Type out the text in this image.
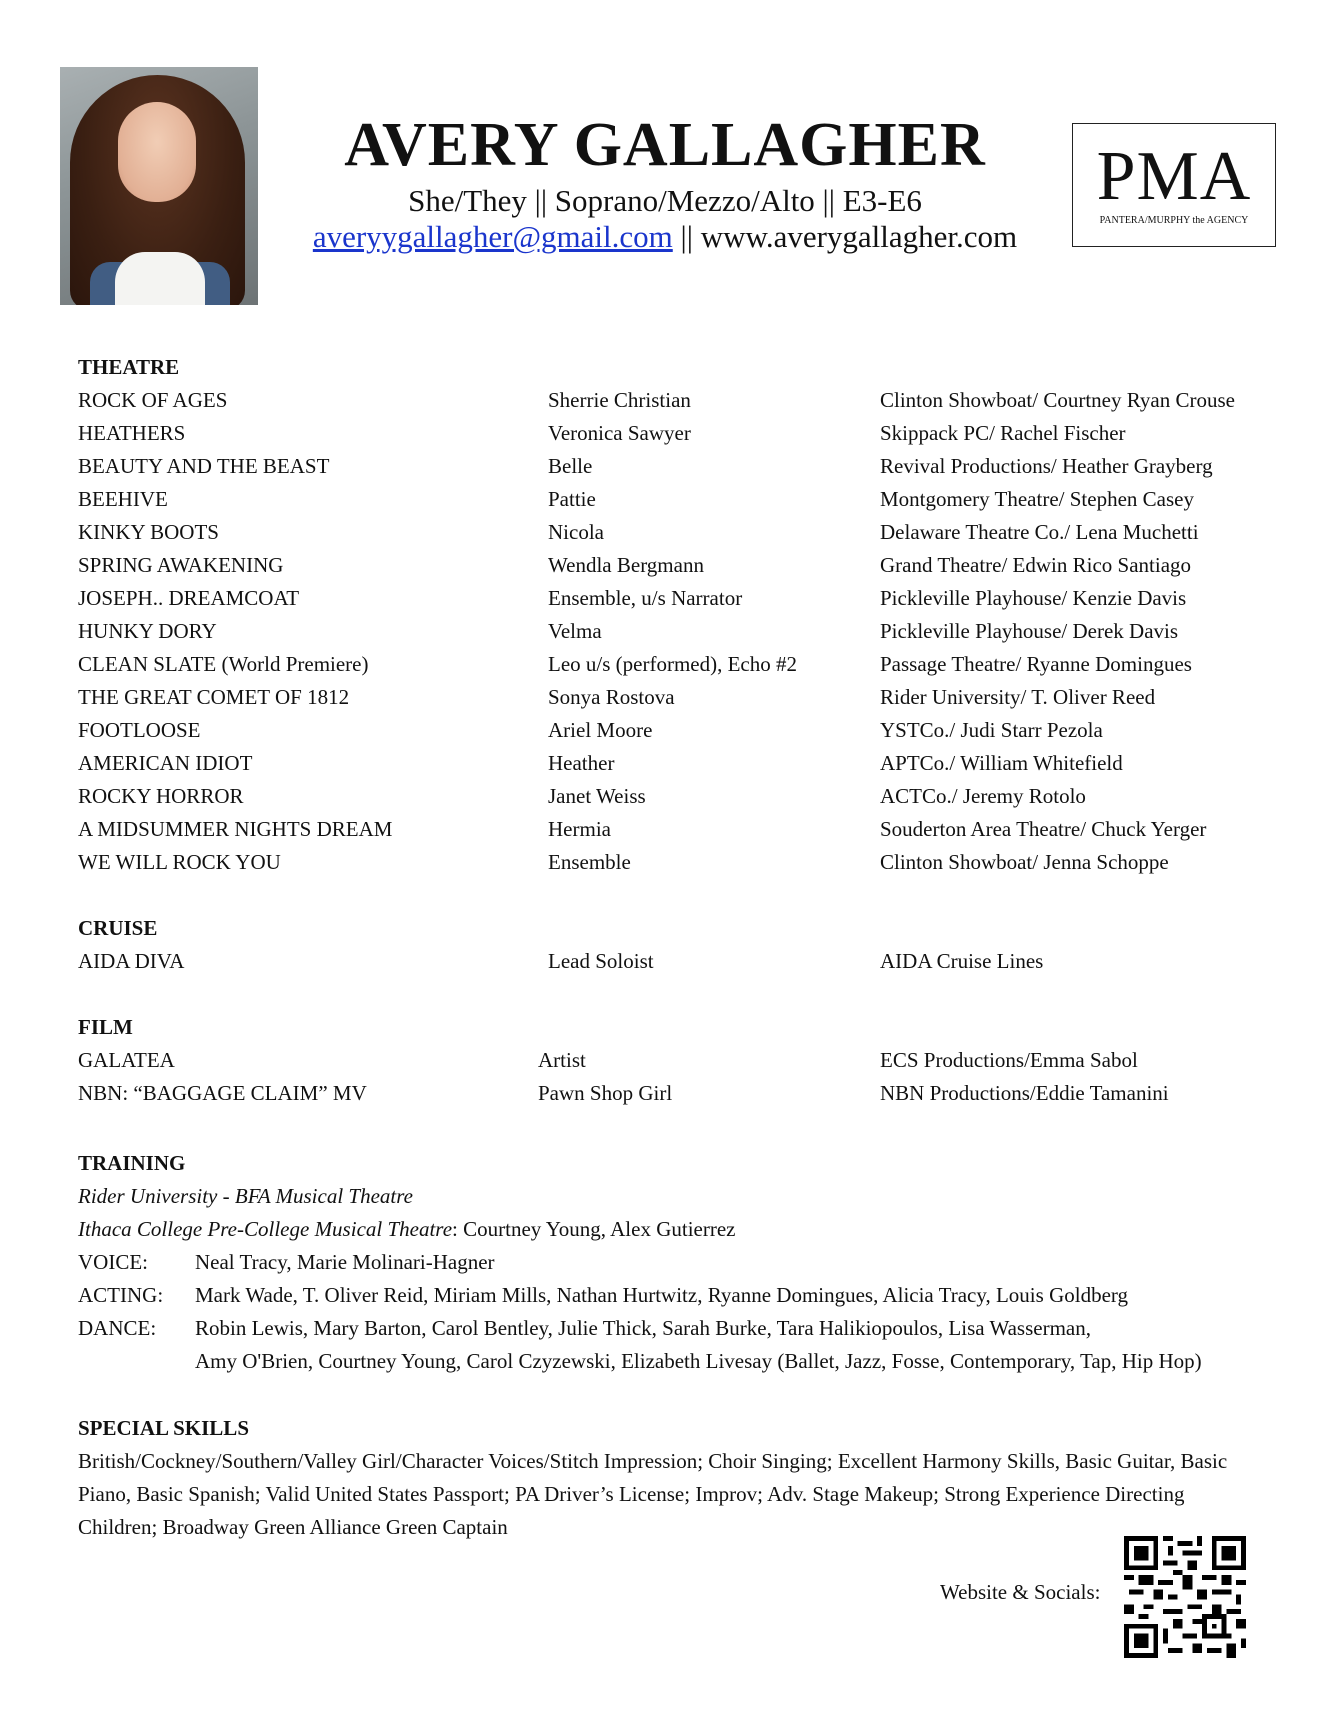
AVERY GALLAGHER
She/They || Soprano/Mezzo/Alto || E3-E6
averyygallagher@gmail.com || www.averygallagher.com
PMA
PANTERA/MURPHY the AGENCY
THEATRE
ROCK OF AGES	Sherrie Christian	Clinton Showboat/ Courtney Ryan Crouse
HEATHERS	Veronica Sawyer	Skippack PC/ Rachel Fischer
BEAUTY AND THE BEAST	Belle	Revival Productions/ Heather Grayberg
BEEHIVE	Pattie	Montgomery Theatre/ Stephen Casey
KINKY BOOTS	Nicola	Delaware Theatre Co./ Lena Muchetti
SPRING AWAKENING	Wendla Bergmann	Grand Theatre/ Edwin Rico Santiago
JOSEPH.. DREAMCOAT	Ensemble, u/s Narrator	Pickleville Playhouse/ Kenzie Davis
HUNKY DORY	Velma	Pickleville Playhouse/ Derek Davis
CLEAN SLATE (World Premiere)	Leo u/s (performed), Echo #2	Passage Theatre/ Ryanne Domingues
THE GREAT COMET OF 1812	Sonya Rostova	Rider University/ T. Oliver Reed
FOOTLOOSE	Ariel Moore	YSTCo./ Judi Starr Pezola
AMERICAN IDIOT	Heather	APTCo./ William Whitefield
ROCKY HORROR	Janet Weiss	ACTCo./ Jeremy Rotolo
A MIDSUMMER NIGHTS DREAM	Hermia	Souderton Area Theatre/ Chuck Yerger
WE WILL ROCK YOU	Ensemble	Clinton Showboat/ Jenna Schoppe
CRUISE
AIDA DIVA	Lead Soloist	AIDA Cruise Lines
FILM
GALATEA	Artist	ECS Productions/Emma Sabol
NBN: “BAGGAGE CLAIM” MV	Pawn Shop Girl	NBN Productions/Eddie Tamanini
TRAINING
Rider University - BFA Musical Theatre
Ithaca College Pre-College Musical Theatre: Courtney Young, Alex Gutierrez
VOICE: Neal Tracy, Marie Molinari-Hagner
ACTING: Mark Wade, T. Oliver Reid, Miriam Mills, Nathan Hurtwitz, Ryanne Domingues, Alicia Tracy, Louis Goldberg
DANCE: Robin Lewis, Mary Barton, Carol Bentley, Julie Thick, Sarah Burke, Tara Halikiopoulos, Lisa Wasserman,
Amy O'Brien, Courtney Young, Carol Czyzewski, Elizabeth Livesay (Ballet, Jazz, Fosse, Contemporary, Tap, Hip Hop)
SPECIAL SKILLS
British/Cockney/Southern/Valley Girl/Character Voices/Stitch Impression; Choir Singing; Excellent Harmony Skills, Basic Guitar, Basic Piano, Basic Spanish; Valid United States Passport; PA Driver’s License; Improv; Adv. Stage Makeup; Strong Experience Directing Children; Broadway Green Alliance Green Captain
Website & Socials:
